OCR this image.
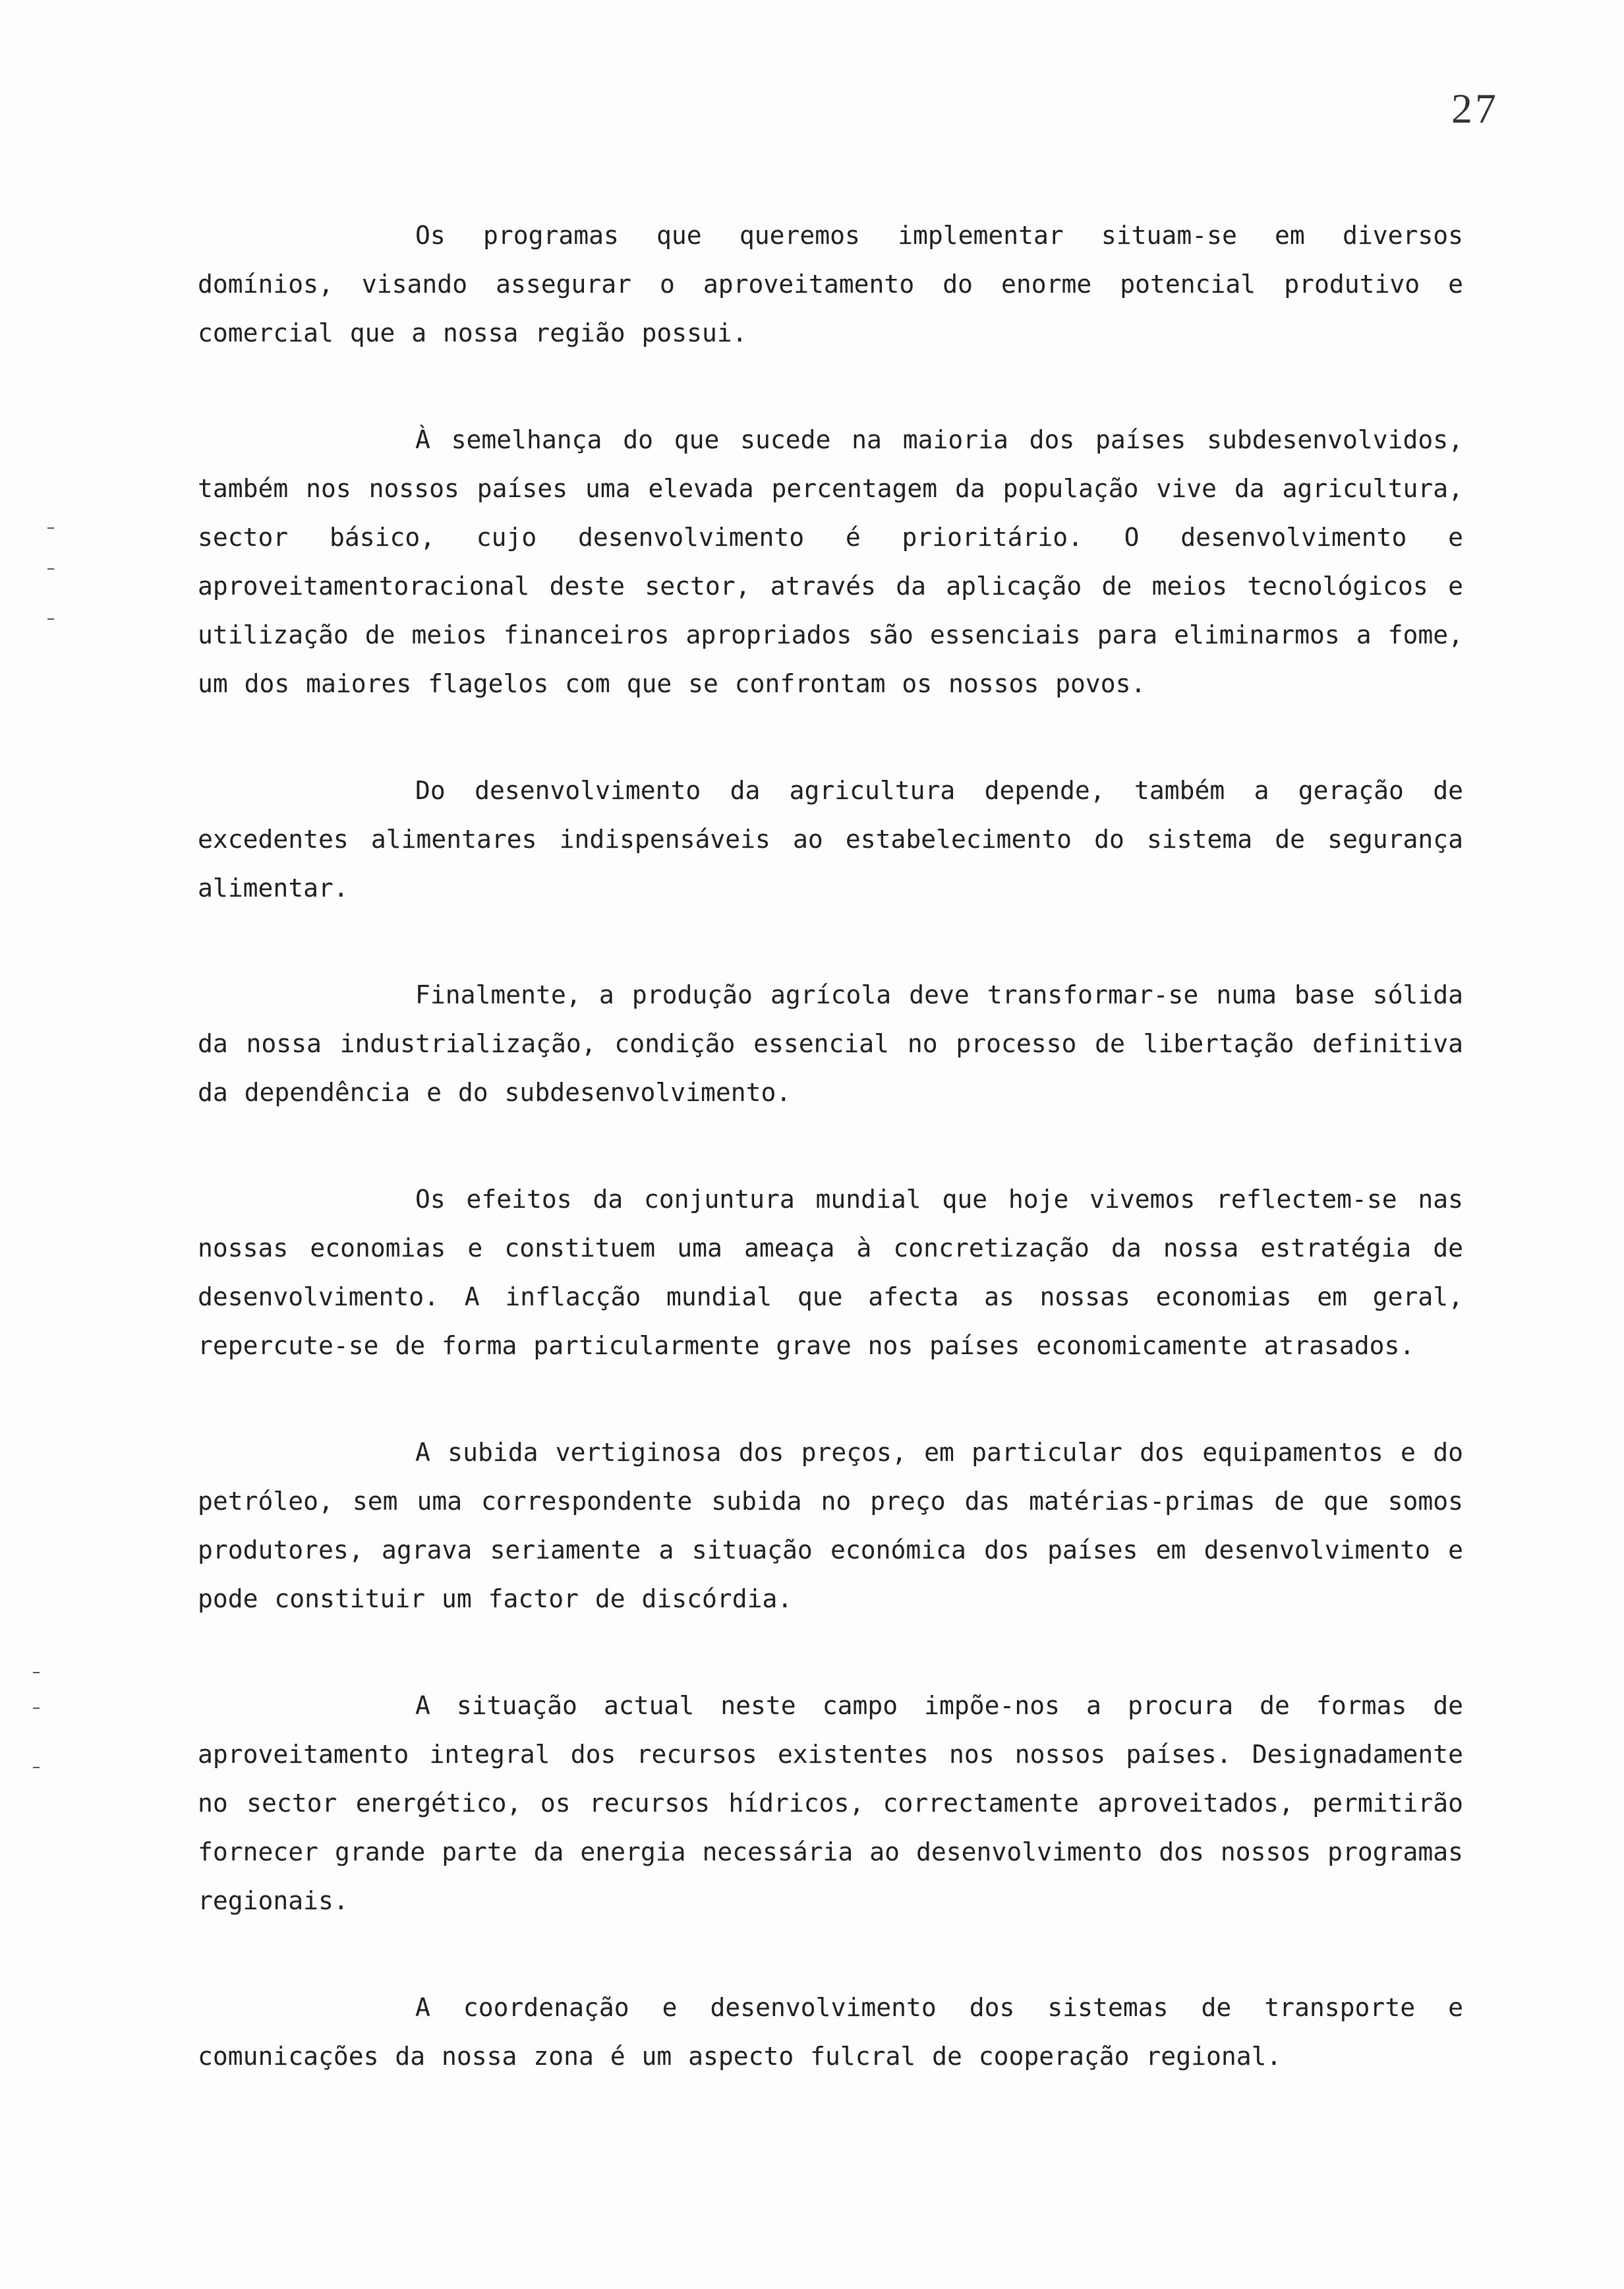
27

Os programas que queremos implementar situam-se em diversos domínios, visando assegurar o aproveitamento do enorme potencial produtivo e comercial que a nossa região possui.

À semelhança do que sucede na maioria dos países subdesenvolvidos, também nos nossos países uma elevada percentagem da população vive da agricultura, sector básico, cujo desenvolvimento é prioritário. O desenvolvimento e aproveitamentoracional deste sector, através da aplicação de meios tecnológicos e utilização de meios financeiros apropriados são essenciais para eliminarmos a fome, um dos maiores flagelos com que se confrontam os nossos povos.

Do desenvolvimento da agricultura depende, também a geração de excedentes alimentares indispensáveis ao estabelecimento do sistema de segurança alimentar.

Finalmente, a produção agrícola deve transformar-se numa base sólida da nossa industrialização, condição essencial no processo de libertação definitiva da dependência e do subdesenvolvimento.

Os efeitos da conjuntura mundial que hoje vivemos reflectem-se nas nossas economias e constituem uma ameaça à concretização da nossa estratégia de desenvolvimento. A inflacção mundial que afecta as nossas economias em geral, repercute-se de forma particularmente grave nos países economicamente atrasados.

A subida vertiginosa dos preços, em particular dos equipamentos e do petróleo, sem uma correspondente subida no preço das matérias-primas de que somos produtores, agrava seriamente a situação económica dos países em desenvolvimento e pode constituir um factor de discórdia.

A situação actual neste campo impõe-nos a procura de formas de aproveitamento integral dos recursos existentes nos nossos países. Designadamente no sector energético, os recursos hídricos, correctamente aproveitados, permitirão fornecer grande parte da energia necessária ao desenvolvimento dos nossos programas regionais.

A coordenação e desenvolvimento dos sistemas de transporte e comunicações da nossa zona é um aspecto fulcral de cooperação regional.
